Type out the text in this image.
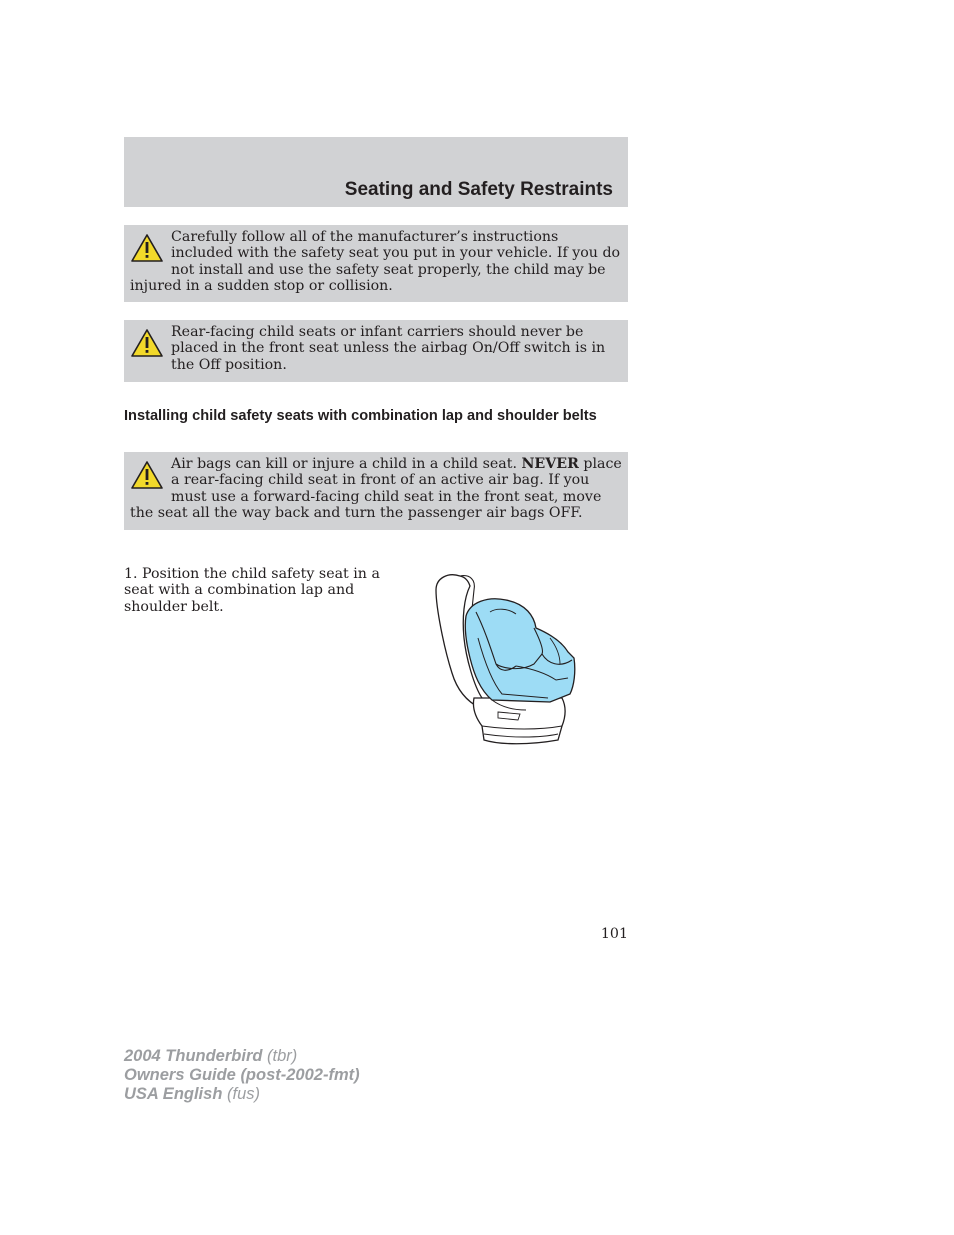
Seating and Safety Restraints

Carefully follow all of the manufacturer’s instructions included with the safety seat you put in your vehicle. If you do not install and use the safety seat properly, the child may be injured in a sudden stop or collision.

Rear-facing child seats or infant carriers should never be placed in the front seat unless the airbag On/Off switch is in the Off position.

Installing child safety seats with combination lap and shoulder belts

Air bags can kill or injure a child in a child seat. NEVER place a rear-facing child seat in front of an active air bag. If you must use a forward-facing child seat in the front seat, move the seat all the way back and turn the passenger air bags OFF.

1. Position the child safety seat in a seat with a combination lap and shoulder belt.

101
2004 Thunderbird (tbr)
Owners Guide (post-2002-fmt)
USA English (fus)
